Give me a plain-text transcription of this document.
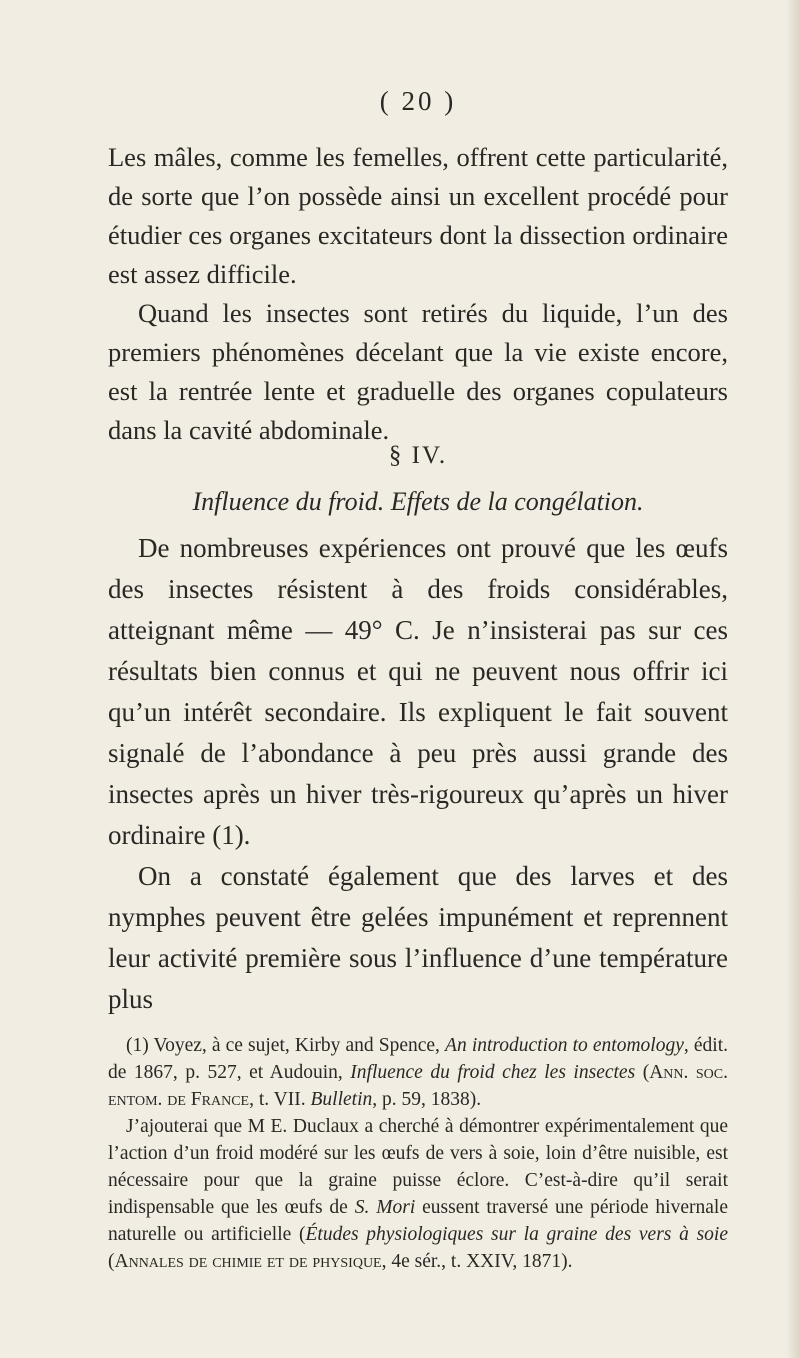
( 20 )

Les mâles, comme les femelles, offrent cette particularité, de sorte que l’on possède ainsi un excellent procédé pour étudier ces organes excitateurs dont la dissection ordinaire est assez difficile.

Quand les insectes sont retirés du liquide, l’un des premiers phénomènes décelant que la vie existe encore, est la rentrée lente et graduelle des organes copulateurs dans la cavité abdominale.

§ IV.
Influence du froid. Effets de la congélation.

De nombreuses expériences ont prouvé que les œufs des insectes résistent à des froids considérables, atteignant même — 49° C. Je n’insisterai pas sur ces résultats bien connus et qui ne peuvent nous offrir ici qu’un intérêt secondaire. Ils expliquent le fait souvent signalé de l’abondance à peu près aussi grande des insectes après un hiver très-rigoureux qu’après un hiver ordinaire (1).

On a constaté également que des larves et des nymphes peuvent être gelées impunément et reprennent leur activité première sous l’influence d’une température plus

(1) Voyez, à ce sujet, Kirby and Spence, An introduction to entomology, édit. de 1867, p. 527, et Audouin, Influence du froid chez les insectes (Ann. soc. entom. de France, t. VII. Bulletin, p. 59, 1838).

J’ajouterai que M E. Duclaux a cherché à démontrer expérimentalement que l’action d’un froid modéré sur les œufs de vers à soie, loin d’être nuisible, est nécessaire pour que la graine puisse éclore. C’est-à-dire qu’il serait indispensable que les œufs de S. Mori eussent traversé une période hivernale naturelle ou artificielle (Études physiologiques sur la graine des vers à soie (Annales de chimie et de physique, 4e sér., t. XXIV, 1871).
